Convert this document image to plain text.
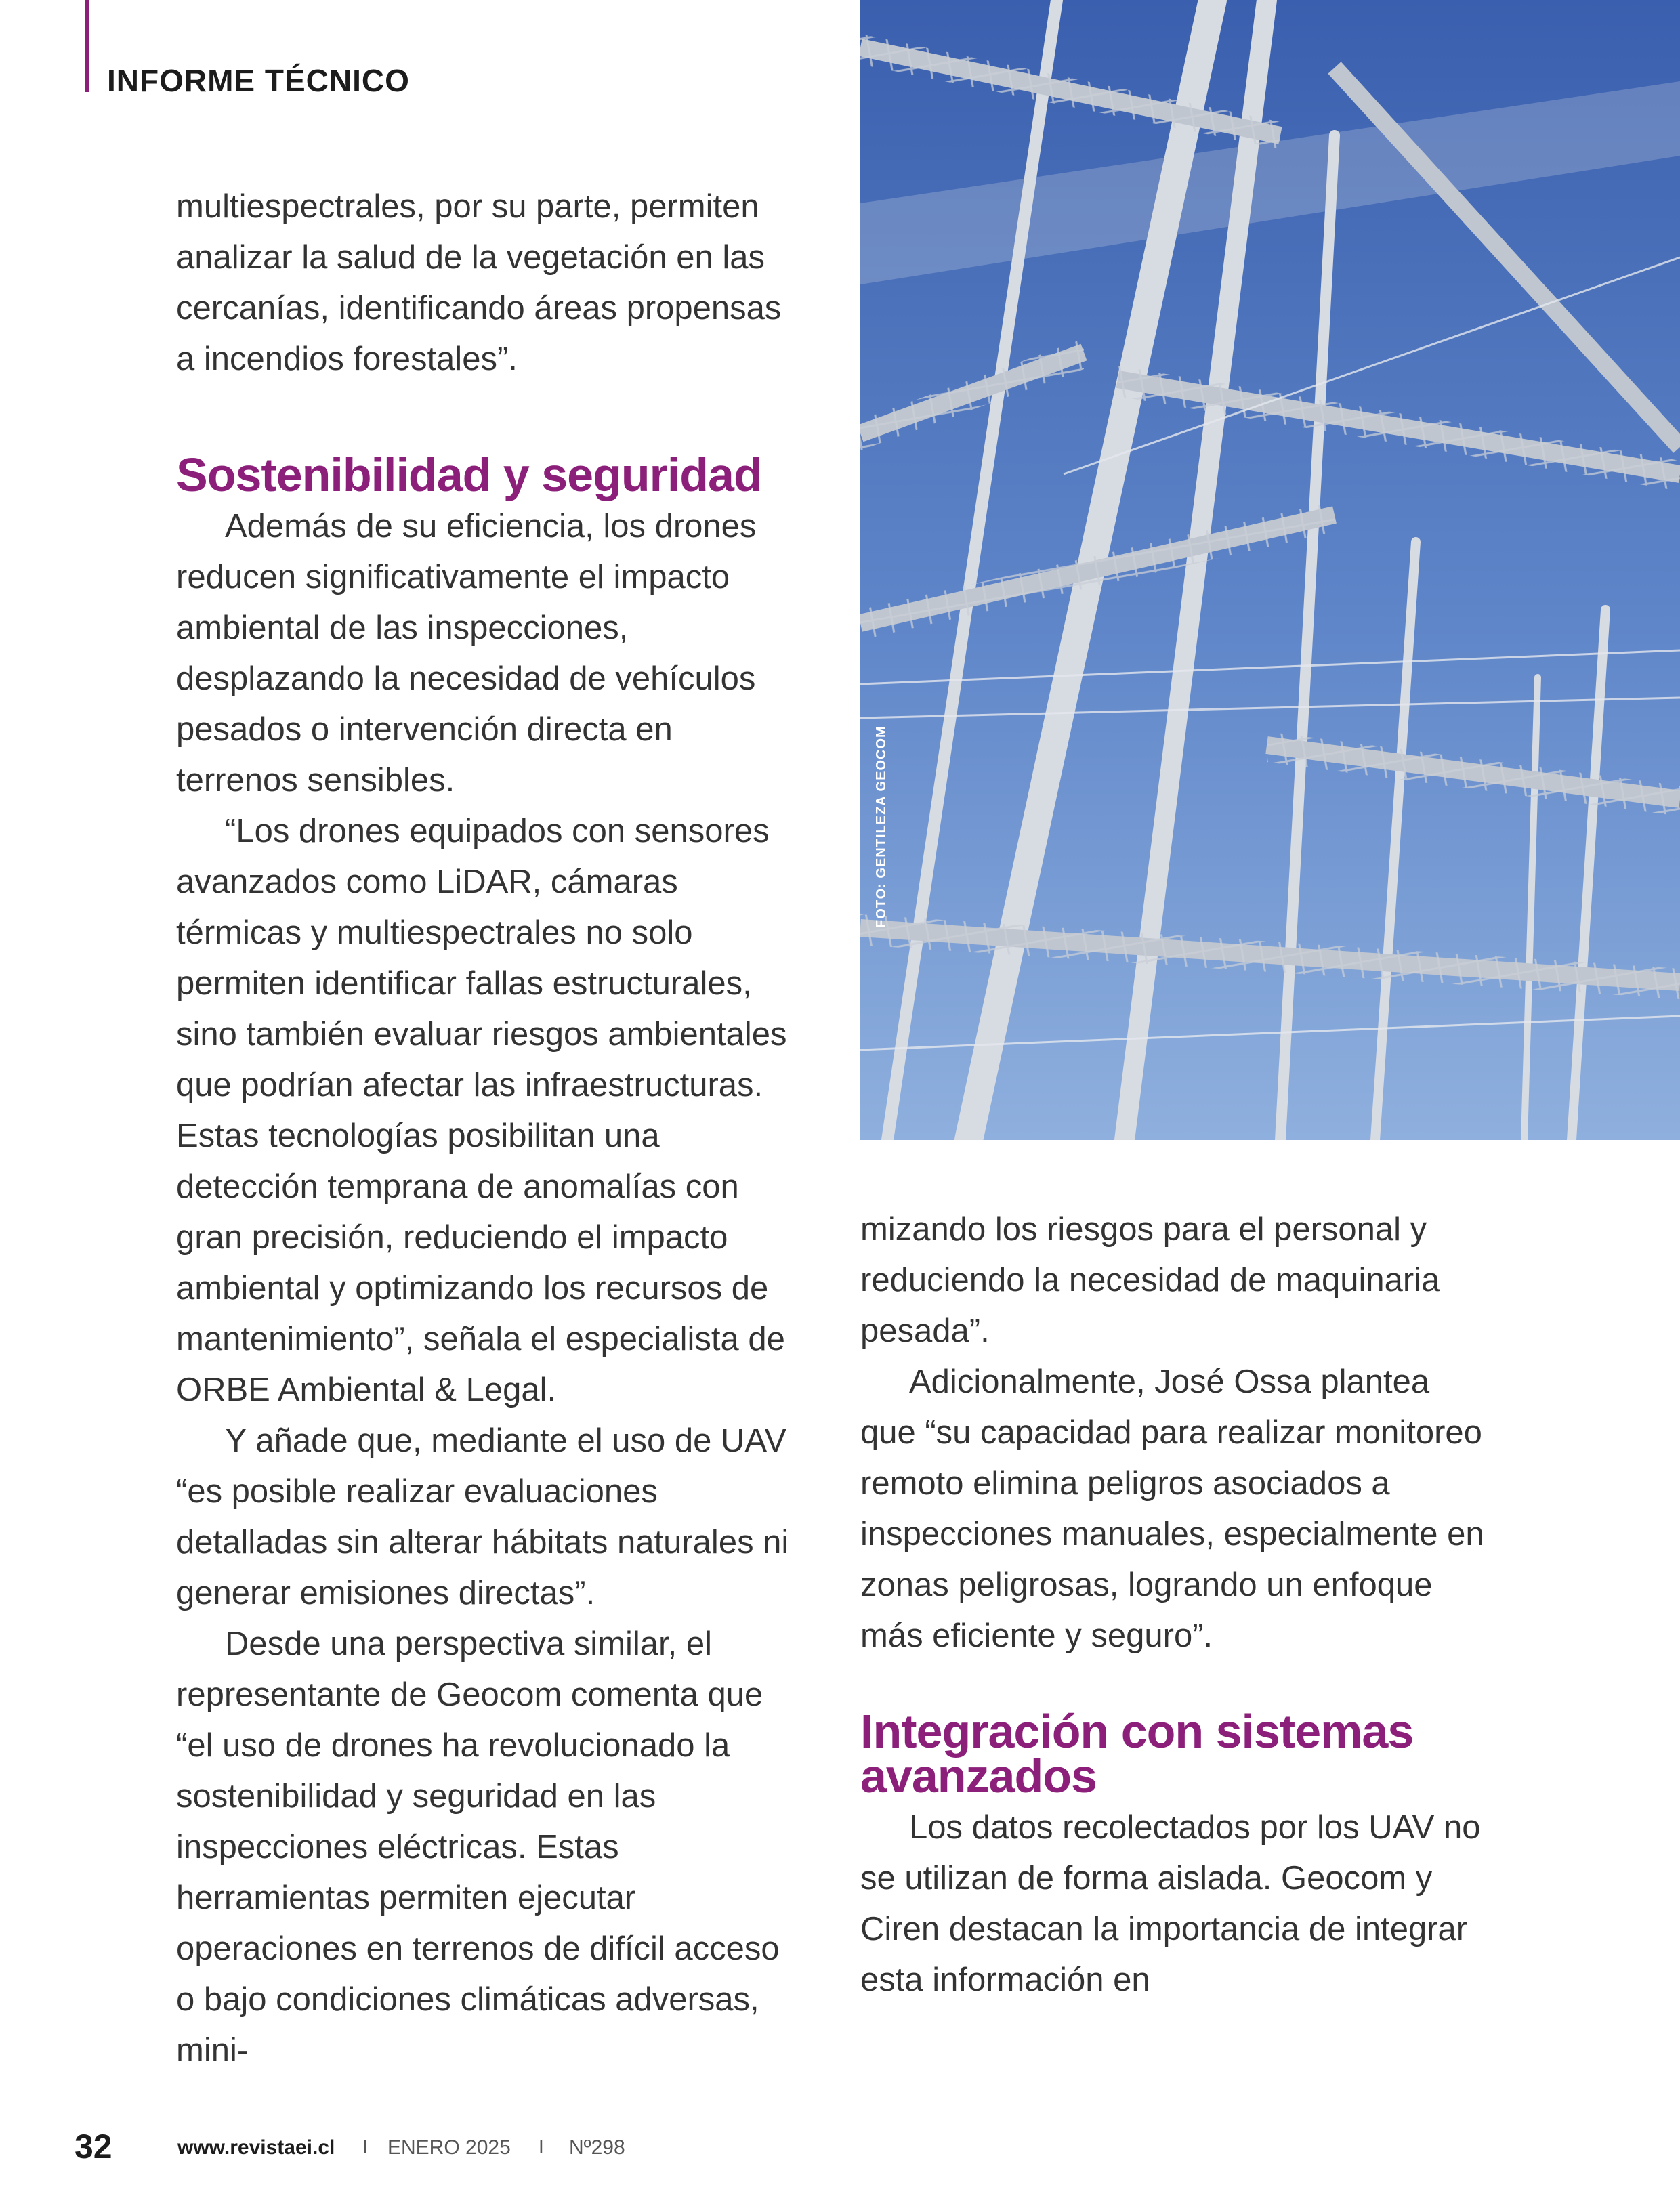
INFORME TÉCNICO

multiespectrales, por su parte, permiten analizar la salud de la vegetación en las cercanías, identificando áreas propensas a incendios forestales”.

Sostenibilidad y seguridad

Además de su eficiencia, los drones reducen significativamente el impacto ambiental de las inspecciones, desplazando la necesidad de vehículos pesados o intervención directa en terrenos sensibles.

“Los drones equipados con sensores avanzados como LiDAR, cámaras térmicas y multiespectrales no solo permiten identificar fallas estructurales, sino también evaluar riesgos ambientales que podrían afectar las infraestructuras. Estas tecnologías posibilitan una detección temprana de anomalías con gran precisión, reduciendo el impacto ambiental y optimizando los recursos de mantenimiento”, señala el especialista de ORBE Ambiental & Legal.

Y añade que, mediante el uso de UAV “es posible realizar evaluaciones detalladas sin alterar hábitats naturales ni generar emisiones directas”.

Desde una perspectiva similar, el representante de Geocom comenta que “el uso de drones ha revolucionado la sostenibilidad y seguridad en las inspecciones eléctricas. Estas herramientas permiten ejecutar operaciones en terrenos de difícil acceso o bajo condiciones climáticas adversas, mini-

FOTO: GENTILEZA GEOCOM

mizando los riesgos para el personal y reduciendo la necesidad de maquinaria pesada”.

Adicionalmente, José Ossa plantea que “su capacidad para realizar monitoreo remoto elimina peligros asociados a inspecciones manuales, especialmente en zonas peligrosas, logrando un enfoque más eficiente y seguro”.

Integración con sistemas avanzados

Los datos recolectados por los UAV no se utilizan de forma aislada. Geocom y Ciren destacan la importancia de integrar esta información en

32	www.revistaei.cl I ENERO 2025 I Nº298
